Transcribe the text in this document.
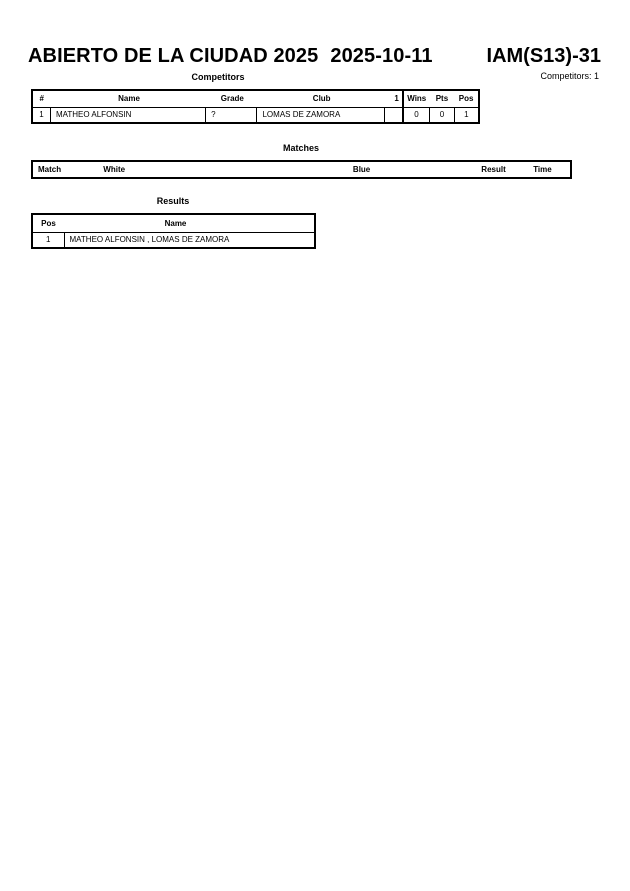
ABIERTO DE LA CIUDAD 2025 2025-10-11	IAM(S13)-31
Competitors: 1
Competitors
#	Name	Grade	Club	1	Wins	Pts	Pos
1	MATHEO ALFONSIN	?	LOMAS DE ZAMORA		0	0	1
Matches
Match	White	Blue		Result	Time
Results
Pos	Name
1	MATHEO ALFONSIN , LOMAS DE ZAMORA
